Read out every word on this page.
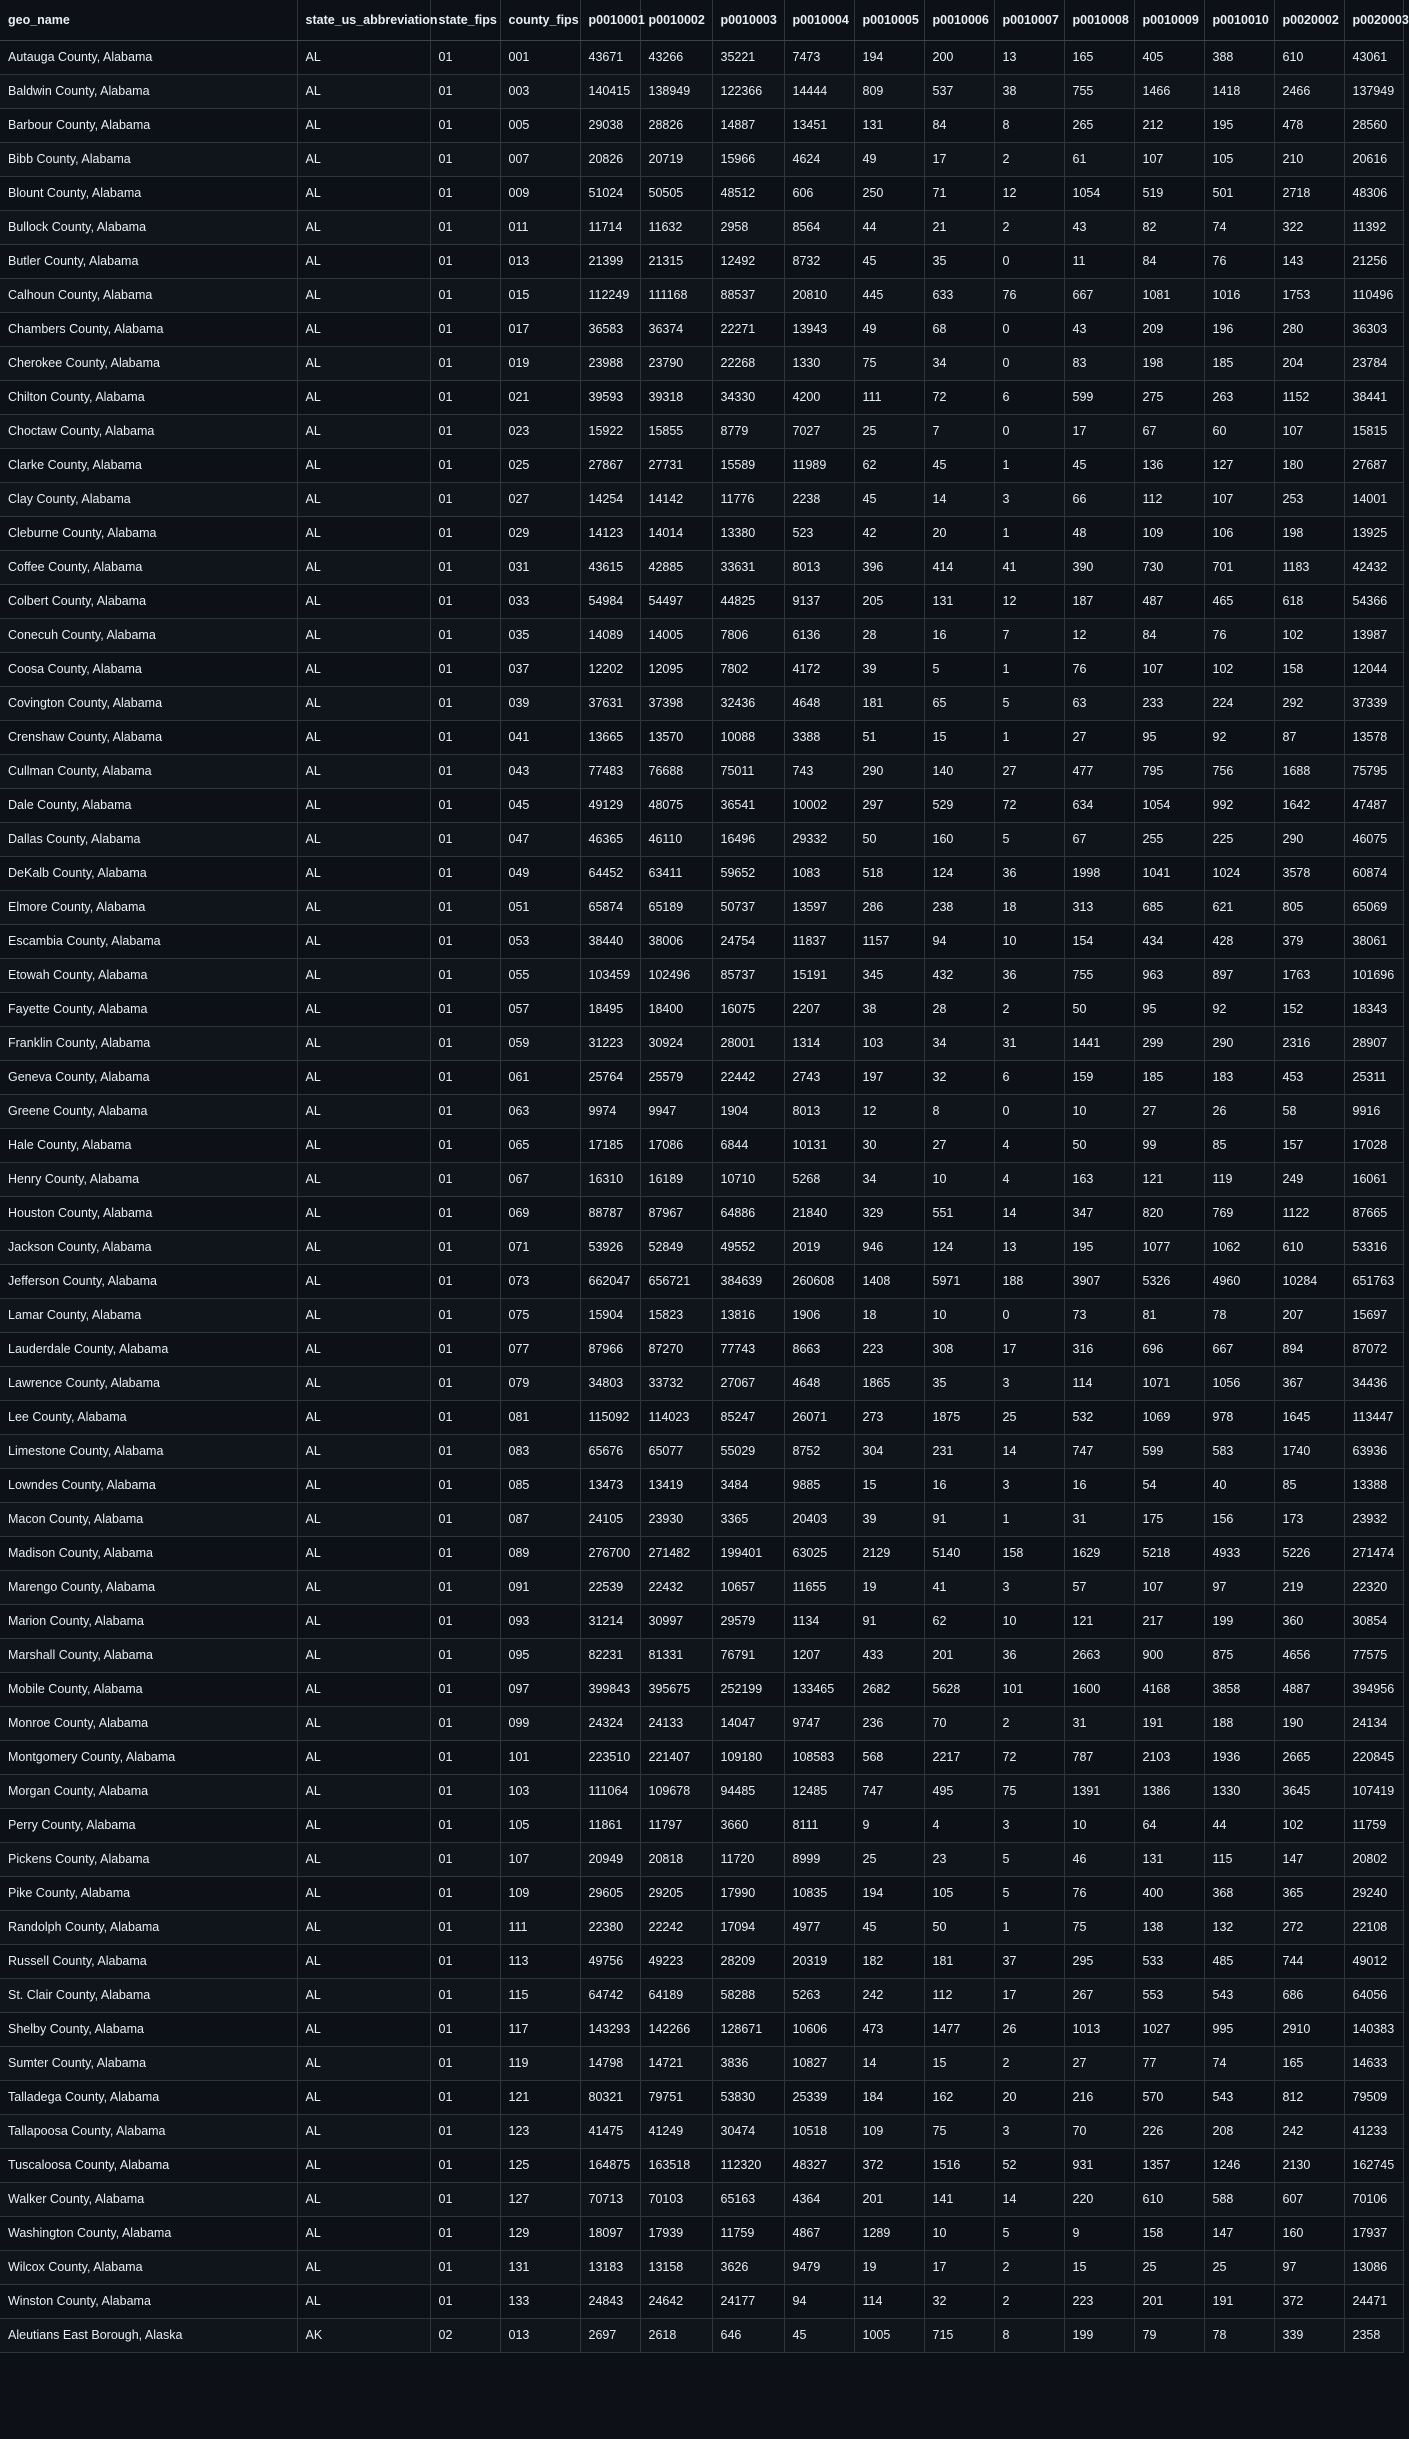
geo_name	state_us_abbreviation	state_fips	county_fips	p0010001	p0010002	p0010003	p0010004	p0010005	p0010006	p0010007	p0010008	p0010009	p0010010	p0020002	p0020003
Autauga County, Alabama	AL	01	001	43671	43266	35221	7473	194	200	13	165	405	388	610	43061
Baldwin County, Alabama	AL	01	003	140415	138949	122366	14444	809	537	38	755	1466	1418	2466	137949
Barbour County, Alabama	AL	01	005	29038	28826	14887	13451	131	84	8	265	212	195	478	28560
Bibb County, Alabama	AL	01	007	20826	20719	15966	4624	49	17	2	61	107	105	210	20616
Blount County, Alabama	AL	01	009	51024	50505	48512	606	250	71	12	1054	519	501	2718	48306
Bullock County, Alabama	AL	01	011	11714	11632	2958	8564	44	21	2	43	82	74	322	11392
Butler County, Alabama	AL	01	013	21399	21315	12492	8732	45	35	0	11	84	76	143	21256
Calhoun County, Alabama	AL	01	015	112249	111168	88537	20810	445	633	76	667	1081	1016	1753	110496
Chambers County, Alabama	AL	01	017	36583	36374	22271	13943	49	68	0	43	209	196	280	36303
Cherokee County, Alabama	AL	01	019	23988	23790	22268	1330	75	34	0	83	198	185	204	23784
Chilton County, Alabama	AL	01	021	39593	39318	34330	4200	111	72	6	599	275	263	1152	38441
Choctaw County, Alabama	AL	01	023	15922	15855	8779	7027	25	7	0	17	67	60	107	15815
Clarke County, Alabama	AL	01	025	27867	27731	15589	11989	62	45	1	45	136	127	180	27687
Clay County, Alabama	AL	01	027	14254	14142	11776	2238	45	14	3	66	112	107	253	14001
Cleburne County, Alabama	AL	01	029	14123	14014	13380	523	42	20	1	48	109	106	198	13925
Coffee County, Alabama	AL	01	031	43615	42885	33631	8013	396	414	41	390	730	701	1183	42432
Colbert County, Alabama	AL	01	033	54984	54497	44825	9137	205	131	12	187	487	465	618	54366
Conecuh County, Alabama	AL	01	035	14089	14005	7806	6136	28	16	7	12	84	76	102	13987
Coosa County, Alabama	AL	01	037	12202	12095	7802	4172	39	5	1	76	107	102	158	12044
Covington County, Alabama	AL	01	039	37631	37398	32436	4648	181	65	5	63	233	224	292	37339
Crenshaw County, Alabama	AL	01	041	13665	13570	10088	3388	51	15	1	27	95	92	87	13578
Cullman County, Alabama	AL	01	043	77483	76688	75011	743	290	140	27	477	795	756	1688	75795
Dale County, Alabama	AL	01	045	49129	48075	36541	10002	297	529	72	634	1054	992	1642	47487
Dallas County, Alabama	AL	01	047	46365	46110	16496	29332	50	160	5	67	255	225	290	46075
DeKalb County, Alabama	AL	01	049	64452	63411	59652	1083	518	124	36	1998	1041	1024	3578	60874
Elmore County, Alabama	AL	01	051	65874	65189	50737	13597	286	238	18	313	685	621	805	65069
Escambia County, Alabama	AL	01	053	38440	38006	24754	11837	1157	94	10	154	434	428	379	38061
Etowah County, Alabama	AL	01	055	103459	102496	85737	15191	345	432	36	755	963	897	1763	101696
Fayette County, Alabama	AL	01	057	18495	18400	16075	2207	38	28	2	50	95	92	152	18343
Franklin County, Alabama	AL	01	059	31223	30924	28001	1314	103	34	31	1441	299	290	2316	28907
Geneva County, Alabama	AL	01	061	25764	25579	22442	2743	197	32	6	159	185	183	453	25311
Greene County, Alabama	AL	01	063	9974	9947	1904	8013	12	8	0	10	27	26	58	9916
Hale County, Alabama	AL	01	065	17185	17086	6844	10131	30	27	4	50	99	85	157	17028
Henry County, Alabama	AL	01	067	16310	16189	10710	5268	34	10	4	163	121	119	249	16061
Houston County, Alabama	AL	01	069	88787	87967	64886	21840	329	551	14	347	820	769	1122	87665
Jackson County, Alabama	AL	01	071	53926	52849	49552	2019	946	124	13	195	1077	1062	610	53316
Jefferson County, Alabama	AL	01	073	662047	656721	384639	260608	1408	5971	188	3907	5326	4960	10284	651763
Lamar County, Alabama	AL	01	075	15904	15823	13816	1906	18	10	0	73	81	78	207	15697
Lauderdale County, Alabama	AL	01	077	87966	87270	77743	8663	223	308	17	316	696	667	894	87072
Lawrence County, Alabama	AL	01	079	34803	33732	27067	4648	1865	35	3	114	1071	1056	367	34436
Lee County, Alabama	AL	01	081	115092	114023	85247	26071	273	1875	25	532	1069	978	1645	113447
Limestone County, Alabama	AL	01	083	65676	65077	55029	8752	304	231	14	747	599	583	1740	63936
Lowndes County, Alabama	AL	01	085	13473	13419	3484	9885	15	16	3	16	54	40	85	13388
Macon County, Alabama	AL	01	087	24105	23930	3365	20403	39	91	1	31	175	156	173	23932
Madison County, Alabama	AL	01	089	276700	271482	199401	63025	2129	5140	158	1629	5218	4933	5226	271474
Marengo County, Alabama	AL	01	091	22539	22432	10657	11655	19	41	3	57	107	97	219	22320
Marion County, Alabama	AL	01	093	31214	30997	29579	1134	91	62	10	121	217	199	360	30854
Marshall County, Alabama	AL	01	095	82231	81331	76791	1207	433	201	36	2663	900	875	4656	77575
Mobile County, Alabama	AL	01	097	399843	395675	252199	133465	2682	5628	101	1600	4168	3858	4887	394956
Monroe County, Alabama	AL	01	099	24324	24133	14047	9747	236	70	2	31	191	188	190	24134
Montgomery County, Alabama	AL	01	101	223510	221407	109180	108583	568	2217	72	787	2103	1936	2665	220845
Morgan County, Alabama	AL	01	103	111064	109678	94485	12485	747	495	75	1391	1386	1330	3645	107419
Perry County, Alabama	AL	01	105	11861	11797	3660	8111	9	4	3	10	64	44	102	11759
Pickens County, Alabama	AL	01	107	20949	20818	11720	8999	25	23	5	46	131	115	147	20802
Pike County, Alabama	AL	01	109	29605	29205	17990	10835	194	105	5	76	400	368	365	29240
Randolph County, Alabama	AL	01	111	22380	22242	17094	4977	45	50	1	75	138	132	272	22108
Russell County, Alabama	AL	01	113	49756	49223	28209	20319	182	181	37	295	533	485	744	49012
St. Clair County, Alabama	AL	01	115	64742	64189	58288	5263	242	112	17	267	553	543	686	64056
Shelby County, Alabama	AL	01	117	143293	142266	128671	10606	473	1477	26	1013	1027	995	2910	140383
Sumter County, Alabama	AL	01	119	14798	14721	3836	10827	14	15	2	27	77	74	165	14633
Talladega County, Alabama	AL	01	121	80321	79751	53830	25339	184	162	20	216	570	543	812	79509
Tallapoosa County, Alabama	AL	01	123	41475	41249	30474	10518	109	75	3	70	226	208	242	41233
Tuscaloosa County, Alabama	AL	01	125	164875	163518	112320	48327	372	1516	52	931	1357	1246	2130	162745
Walker County, Alabama	AL	01	127	70713	70103	65163	4364	201	141	14	220	610	588	607	70106
Washington County, Alabama	AL	01	129	18097	17939	11759	4867	1289	10	5	9	158	147	160	17937
Wilcox County, Alabama	AL	01	131	13183	13158	3626	9479	19	17	2	15	25	25	97	13086
Winston County, Alabama	AL	01	133	24843	24642	24177	94	114	32	2	223	201	191	372	24471
Aleutians East Borough, Alaska	AK	02	013	2697	2618	646	45	1005	715	8	199	79	78	339	2358
